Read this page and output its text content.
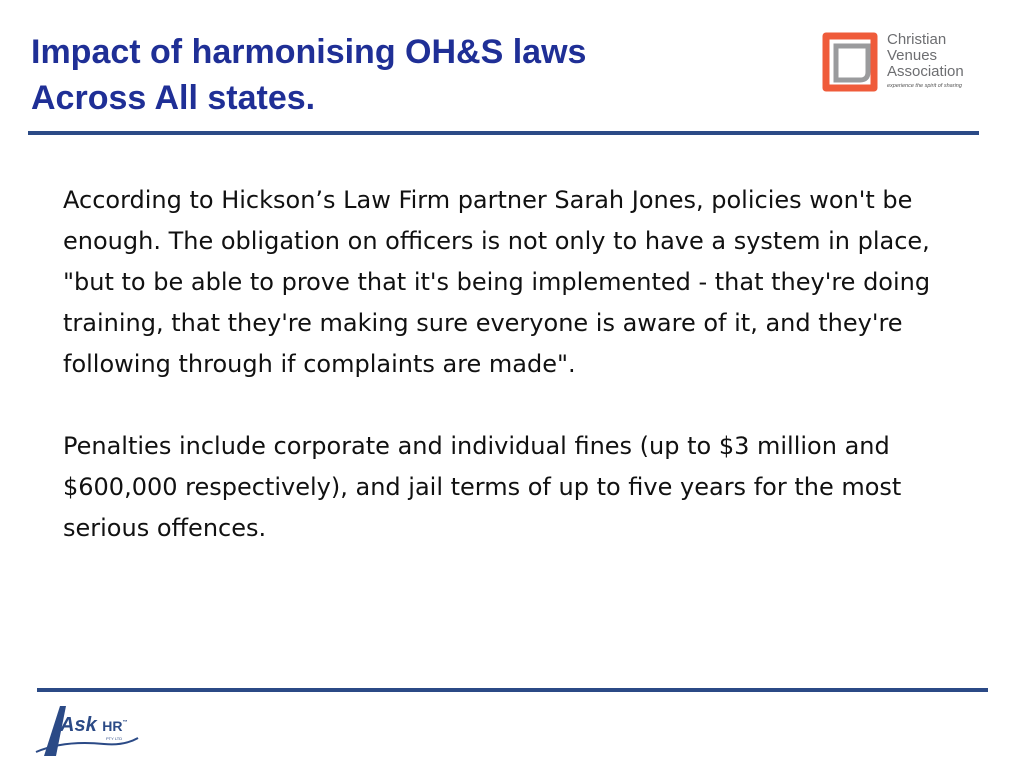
Impact of harmonising OH&S laws
Across All states.
Christian
Venues
Association
experience the spirit of sharing

According to Hickson’s Law Firm partner Sarah Jones, policies won't be enough. The obligation on officers is not only to have a system in place, "but to be able to prove that it's being implemented - that they're doing training, that they're making sure everyone is aware of it, and they're following through if complaints are made".

Penalties include corporate and individual fines (up to $3 million and $600,000 respectively), and jail terms of up to five years for the most serious offences.

Ask HR™
PTY LTD
